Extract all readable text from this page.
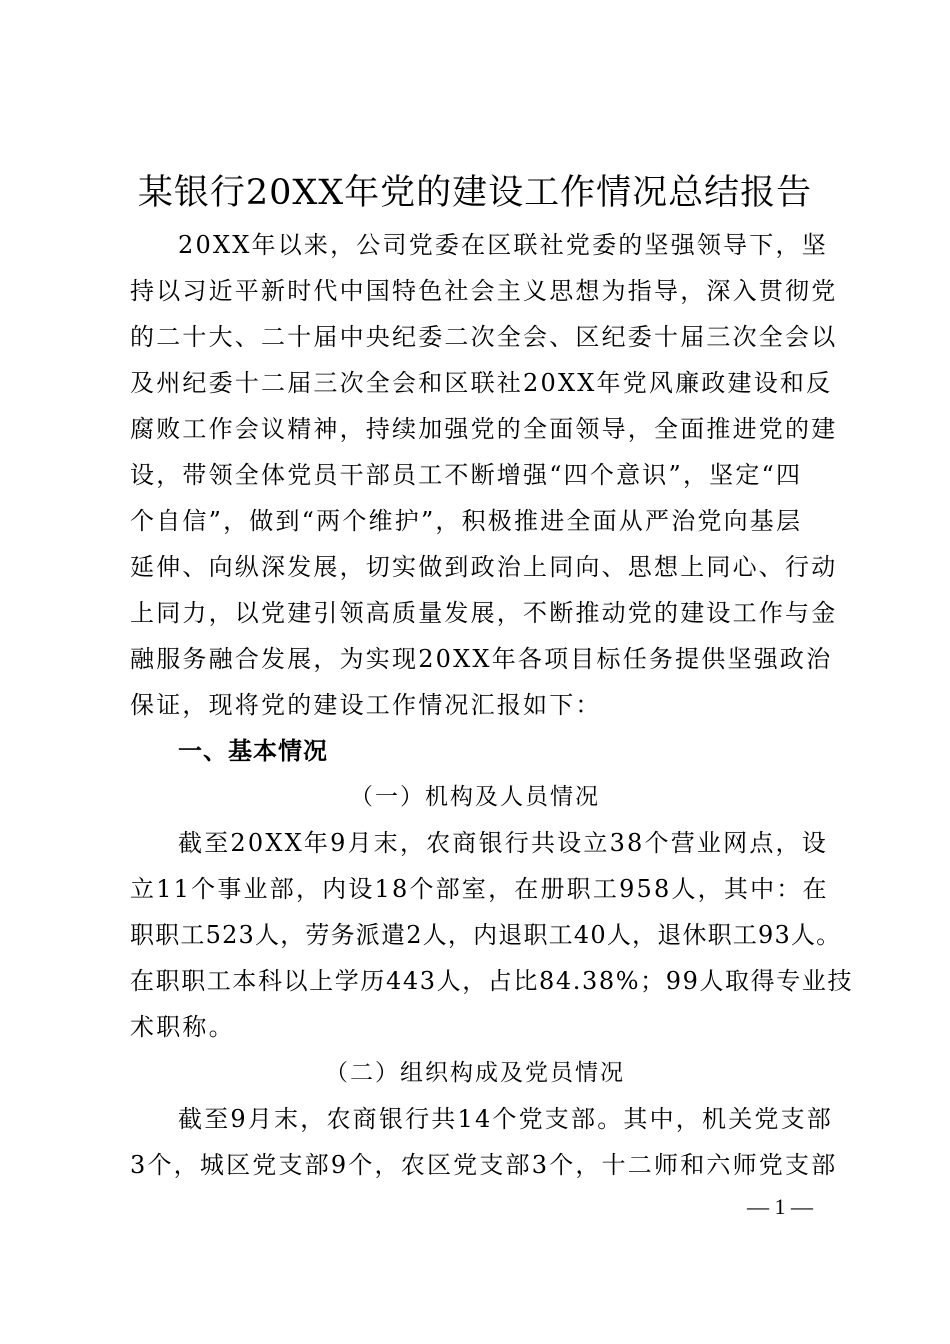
某银行20XX年党的建设工作情况总结报告
20XX年以来，公司党委在区联社党委的坚强领导下，坚
持以习近平新时代中国特色社会主义思想为指导，深入贯彻党
的二十大、二十届中央纪委二次全会、区纪委十届三次全会以
及州纪委十二届三次全会和区联社20XX年党风廉政建设和反
腐败工作会议精神，持续加强党的全面领导，全面推进党的建
设，带领全体党员干部员工不断增强“四个意识”，坚定“四
个自信”，做到“两个维护”，积极推进全面从严治党向基层
延伸、向纵深发展，切实做到政治上同向、思想上同心、行动
上同力，以党建引领高质量发展，不断推动党的建设工作与金
融服务融合发展，为实现20XX年各项目标任务提供坚强政治
保证，现将党的建设工作情况汇报如下：
一、基本情况
（一）机构及人员情况
截至20XX年9月末，农商银行共设立38个营业网点，设
立11个事业部，内设18个部室，在册职工958人，其中：在
职职工523人，劳务派遣2人，内退职工40人，退休职工93人。
在职职工本科以上学历443人，占比84.38%；99人取得专业技
术职称。
（二）组织构成及党员情况
截至9月末，农商银行共14个党支部。其中，机关党支部
3个，城区党支部9个，农区党支部3个，十二师和六师党支部
— 1 —
